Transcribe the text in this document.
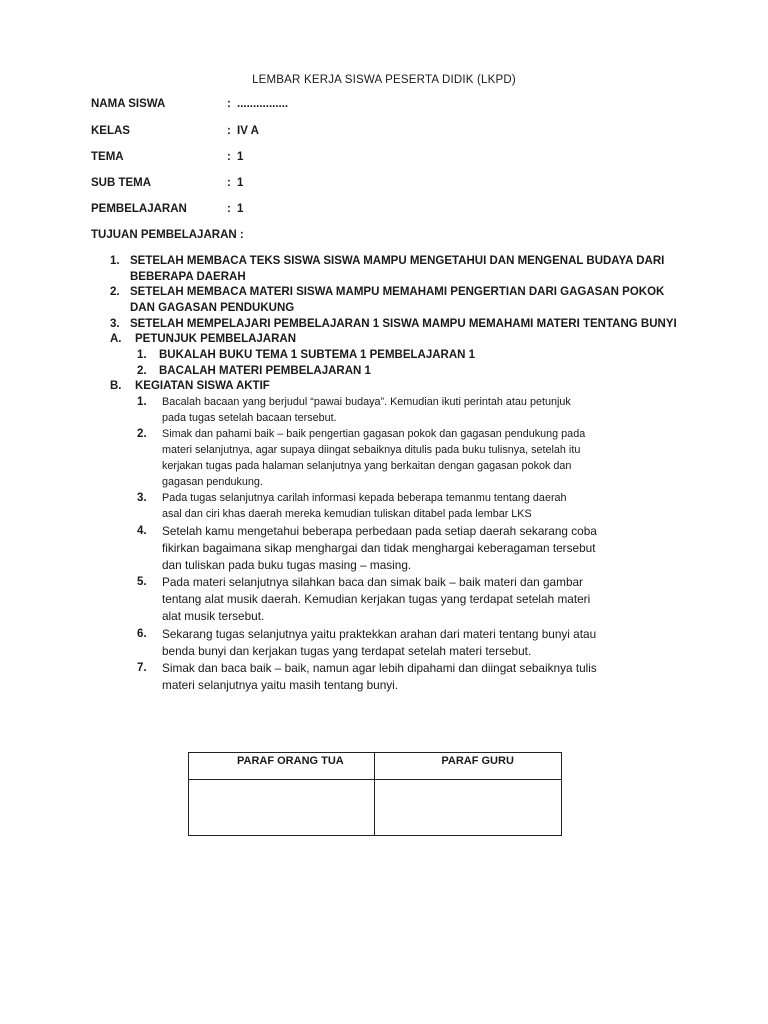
LEMBAR KERJA SISWA PESERTA DIDIK (LKPD)
NAMA SISWA	: ................
KELAS	: IV A
TEMA	: 1
SUB TEMA	: 1
PEMBELAJARAN	: 1
TUJUAN PEMBELAJARAN :
1. SETELAH MEMBACA TEKS SISWA SISWA MAMPU MENGETAHUI DAN MENGENAL BUDAYA DARI
BEBERAPA DAERAH
2. SETELAH MEMBACA MATERI SISWA MAMPU MEMAHAMI PENGERTIAN DARI GAGASAN POKOK
DAN GAGASAN PENDUKUNG
3. SETELAH MEMPELAJARI PEMBELAJARAN 1 SISWA MAMPU MEMAHAMI MATERI TENTANG BUNYI
A. PETUNJUK PEMBELAJARAN
1. BUKALAH BUKU TEMA 1 SUBTEMA 1 PEMBELAJARAN 1
2. BACALAH MATERI PEMBELAJARAN 1
B. KEGIATAN SISWA AKTIF
1. Bacalah bacaan yang berjudul “pawai budaya”. Kemudian ikuti perintah atau petunjuk
pada tugas setelah bacaan tersebut.
2. Simak dan pahami baik – baik pengertian gagasan pokok dan gagasan pendukung pada
materi selanjutnya, agar supaya diingat sebaiknya ditulis pada buku tulisnya, setelah itu
kerjakan tugas pada halaman selanjutnya yang berkaitan dengan gagasan pokok dan
gagasan pendukung.
3. Pada tugas selanjutnya carilah informasi kepada beberapa temanmu tentang daerah
asal dan ciri khas daerah mereka kemudian tuliskan ditabel pada lembar LKS
4. Setelah kamu mengetahui beberapa perbedaan pada setiap daerah sekarang coba
fikirkan bagaimana sikap menghargai dan tidak menghargai keberagaman tersebut
dan tuliskan pada buku tugas masing – masing.
5. Pada materi selanjutnya silahkan baca dan simak baik – baik materi dan gambar
tentang alat musik daerah. Kemudian kerjakan tugas yang terdapat setelah materi
alat musik tersebut.
6. Sekarang tugas selanjutnya yaitu praktekkan arahan dari materi tentang bunyi atau
benda bunyi dan kerjakan tugas yang terdapat setelah materi tersebut.
7. Simak dan baca baik – baik, namun agar lebih dipahami dan diingat sebaiknya tulis
materi selanjutnya yaitu masih tentang bunyi.
PARAF ORANG TUA	PARAF GURU
